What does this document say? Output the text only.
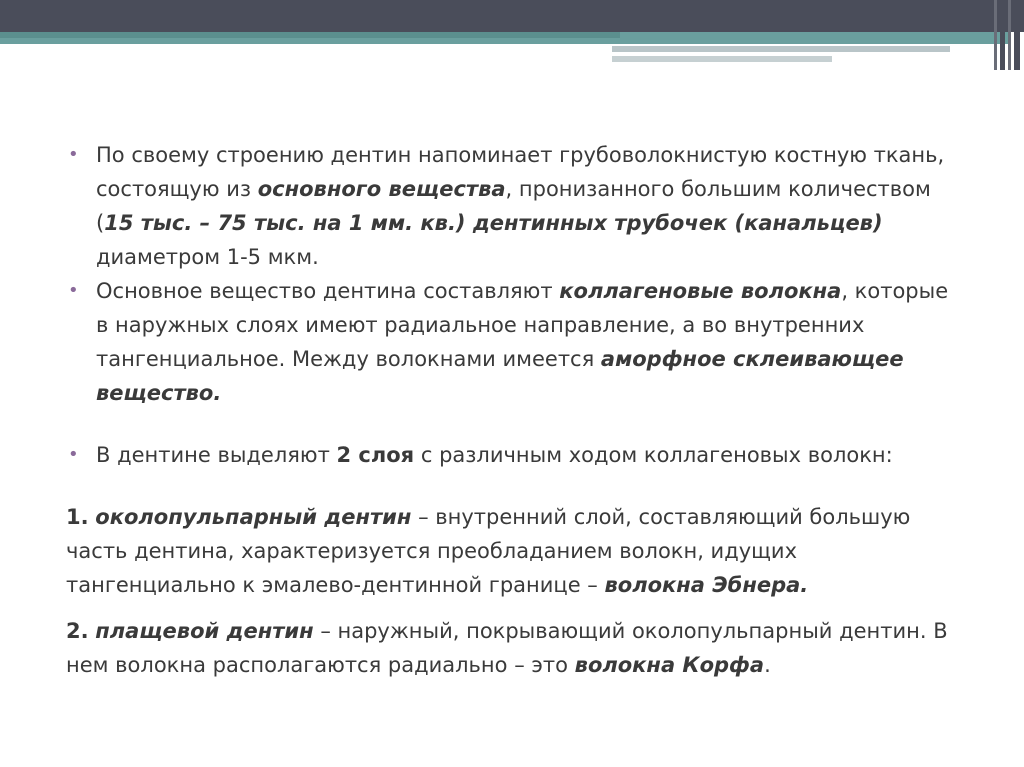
• По своему строению дентин напоминает грубоволокнистую костную ткань, состоящую из основного вещества, пронизанного большим количеством (15 тыс. – 75 тыс. на 1 мм. кв.) дентинных трубочек (канальцев) диаметром 1-5 мкм.

• Основное вещество дентина составляют коллагеновые волокна, которые в наружных слоях имеют радиальное направление, а во внутренних тангенциальное. Между волокнами имеется аморфное склеивающее вещество.

• В дентине выделяют 2 слоя с различным ходом коллагеновых волокн:

1. околопульпарный дентин – внутренний слой, составляющий большую часть дентина, характеризуется преобладанием волокн, идущих тангенциально к эмалево-дентинной границе – волокна Эбнера.

2. плащевой дентин – наружный, покрывающий околопульпарный дентин. В нем волокна располагаются радиально – это волокна Корфа.
